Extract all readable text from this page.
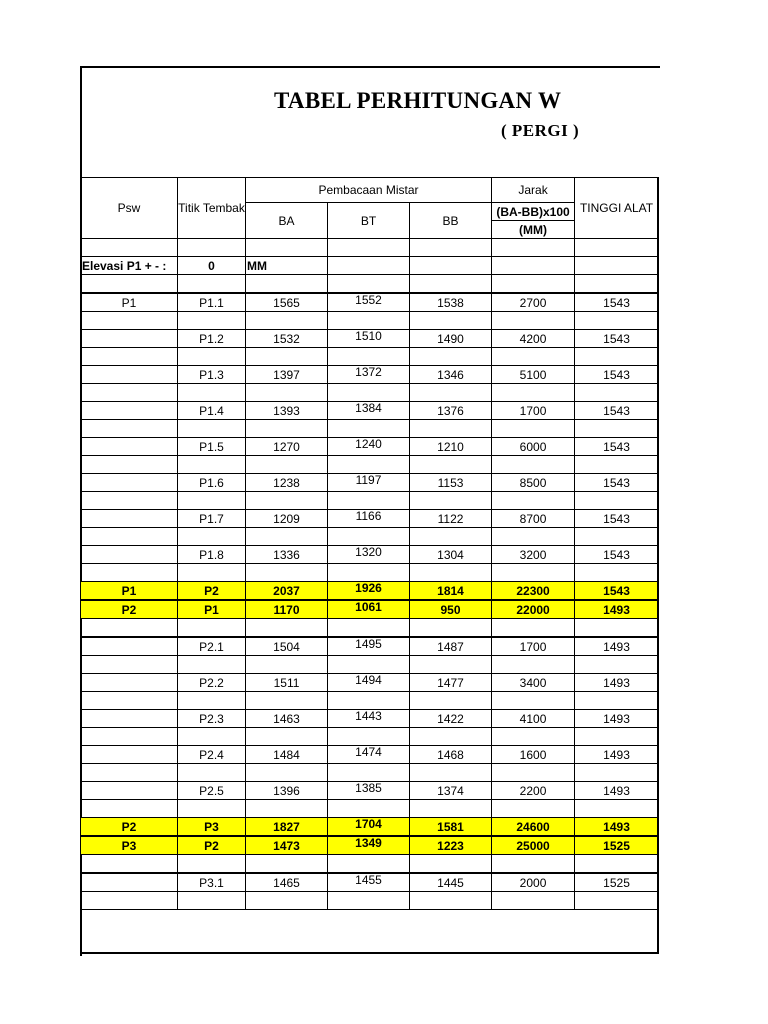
TABEL PERHITUNGAN W
( PERGI )
Psw	Titik Tembak	Pembacaan Mistar			Jarak	TINGGI ALAT
		BA	BT	BB	(BA-BB)x100	
					(MM)	

Elevasi P1 + - :	0	MM				

P1	P1.1	1565	1552	1538	2700	1543

	P1.2	1532	1510	1490	4200	1543

	P1.3	1397	1372	1346	5100	1543

	P1.4	1393	1384	1376	1700	1543

	P1.5	1270	1240	1210	6000	1543

	P1.6	1238	1197	1153	8500	1543

	P1.7	1209	1166	1122	8700	1543

	P1.8	1336	1320	1304	3200	1543

P1	P2	2037	1926	1814	22300	1543
P2	P1	1170	1061	950	22000	1493

	P2.1	1504	1495	1487	1700	1493

	P2.2	1511	1494	1477	3400	1493

	P2.3	1463	1443	1422	4100	1493

	P2.4	1484	1474	1468	1600	1493

	P2.5	1396	1385	1374	2200	1493

P2	P3	1827	1704	1581	24600	1493
P3	P2	1473	1349	1223	25000	1525

	P3.1	1465	1455	1445	2000	1525
